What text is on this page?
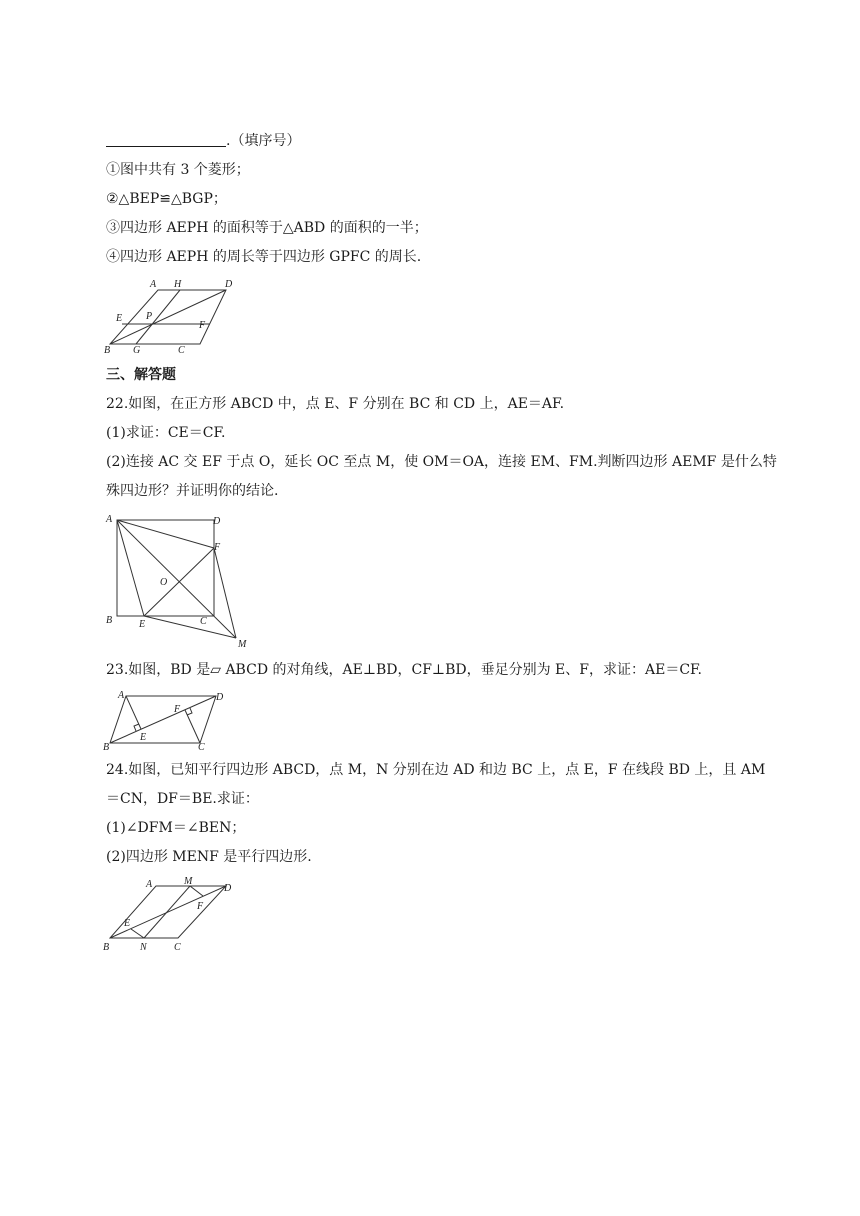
.（填序号）
①图中共有 3 个菱形；
②△BEP≌△BGP；
③四边形 AEPH 的面积等于△ABD 的面积的一半；
④四边形 AEPH 的周长等于四边形 GPFC 的周长.
A H	D
E P
F
B G	C
三、解答题
22.如图，在正方形 ABCD 中，点 E、F 分别在 BC 和 CD 上，AE＝AF.
(1)求证：CE＝CF.
(2)连接 AC 交 EF 于点 O，延长 OC 至点 M，使 OM＝OA，连接 EM、FM.判断四边形 AEMF 是什么特
殊四边形？并证明你的结论.
A	D
F
O
B	E	C
M
23.如图，BD 是▱ ABCD 的对角线，AE⊥BD，CF⊥BD，垂足分别为 E、F，求证：AE＝CF.
A	D
F
E
B	C
24.如图，已知平行四边形 ABCD，点 M，N 分别在边 AD 和边 BC 上，点 E，F 在线段 BD 上，且 AM
＝CN，DF＝BE.求证：
(1)∠DFM＝∠BEN；
(2)四边形 MENF 是平行四边形.
A	M
D
E
F
B	N	C
